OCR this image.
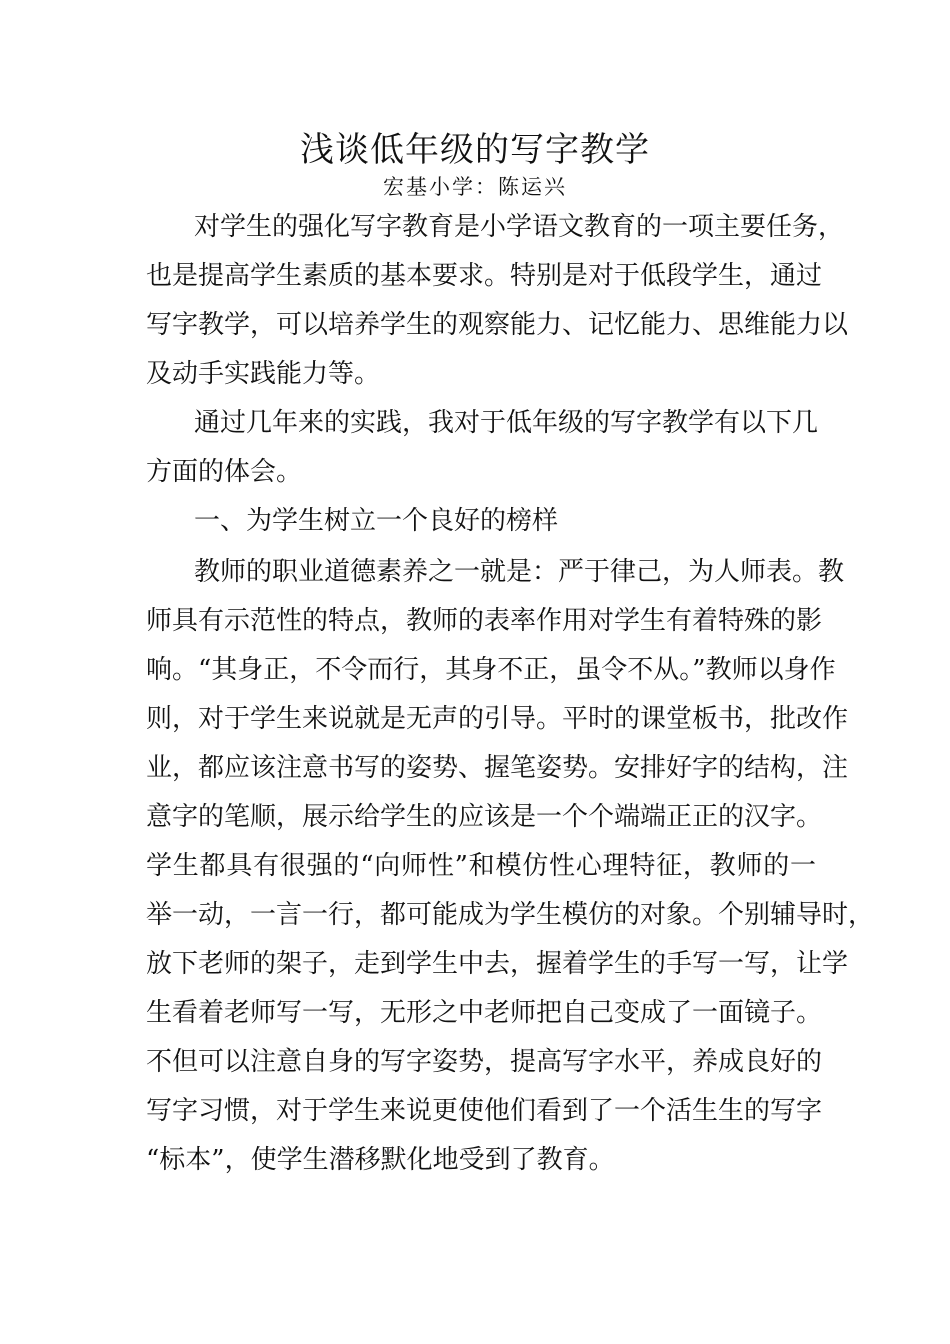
浅谈低年级的写字教学
宏基小学：陈运兴
对学生的强化写字教育是小学语文教育的一项主要任务，
也是提高学生素质的基本要求。特别是对于低段学生，通过
写字教学，可以培养学生的观察能力、记忆能力、思维能力以
及动手实践能力等。
通过几年来的实践，我对于低年级的写字教学有以下几
方面的体会。
一、为学生树立一个良好的榜样
教师的职业道德素养之一就是：严于律己，为人师表。教
师具有示范性的特点，教师的表率作用对学生有着特殊的影
响。“其身正，不令而行，其身不正，虽令不从。”教师以身作
则，对于学生来说就是无声的引导。平时的课堂板书，批改作
业，都应该注意书写的姿势、握笔姿势。安排好字的结构，注
意字的笔顺，展示给学生的应该是一个个端端正正的汉字。
学生都具有很强的“向师性”和模仿性心理特征，教师的一
举一动，一言一行，都可能成为学生模仿的对象。个别辅导时，
放下老师的架子，走到学生中去，握着学生的手写一写，让学
生看着老师写一写，无形之中老师把自己变成了一面镜子。
不但可以注意自身的写字姿势，提高写字水平，养成良好的
写字习惯，对于学生来说更使他们看到了一个活生生的写字
“标本”，使学生潜移默化地受到了教育。
